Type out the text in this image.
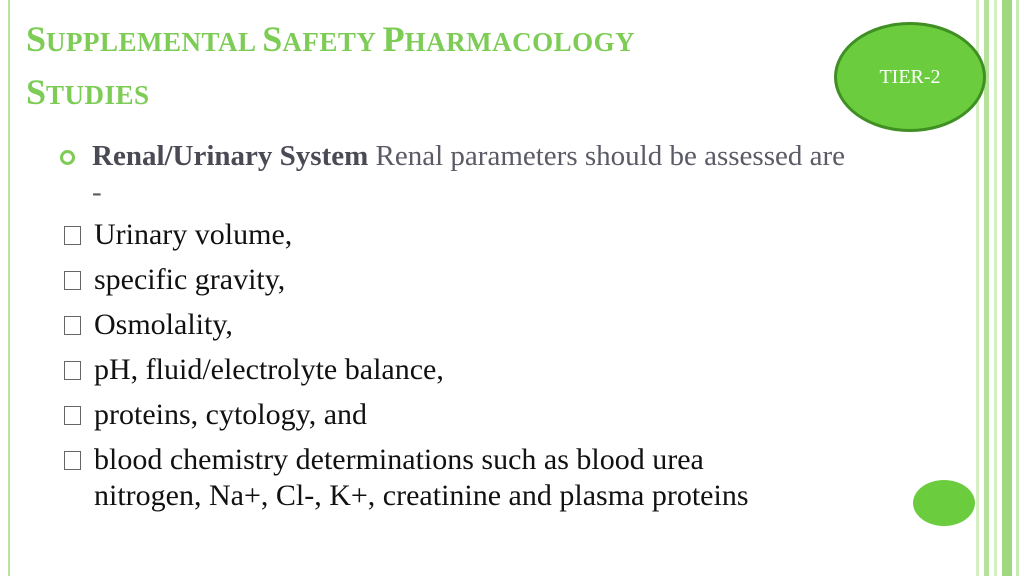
SUPPLEMENTAL SAFETY PHARMACOLOGY
STUDIES
TIER-2
Renal/Urinary System Renal parameters should be assessed are -
Urinary volume,
specific gravity,
Osmolality,
pH, fluid/electrolyte balance,
proteins, cytology, and
blood chemistry determinations such as blood urea
nitrogen, Na+, Cl-, K+, creatinine and plasma proteins
